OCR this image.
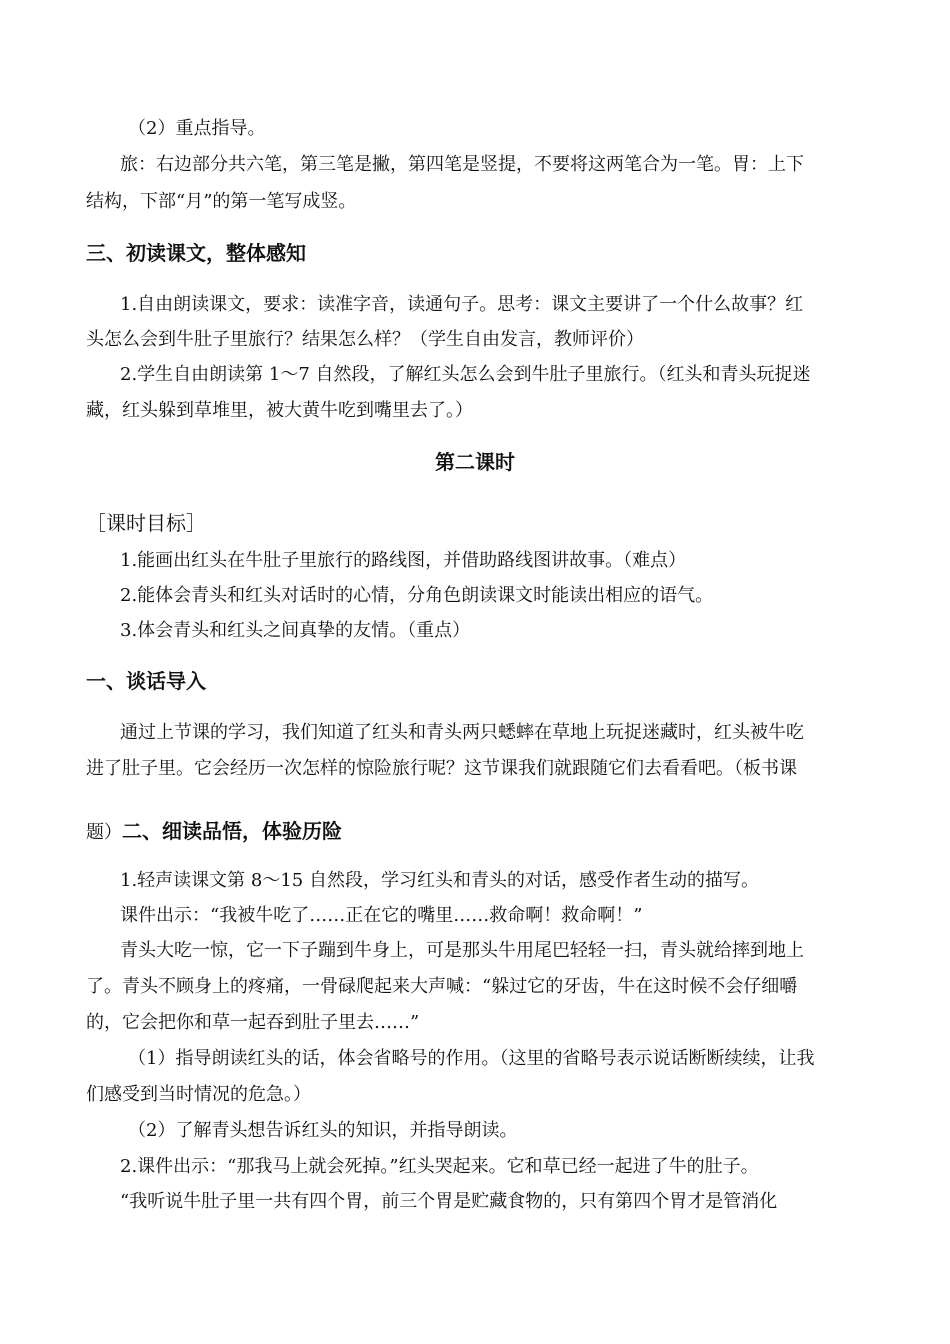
（2）重点指导。
旅：右边部分共六笔，第三笔是撇，第四笔是竖提，不要将这两笔合为一笔。胃：上下
结构，下部“月”的第一笔写成竖。
三、初读课文，整体感知
1.自由朗读课文，要求：读准字音，读通句子。思考：课文主要讲了一个什么故事？红
头怎么会到牛肚子里旅行？结果怎么样？（学生自由发言，教师评价）
2.学生自由朗读第 1～7 自然段，了解红头怎么会到牛肚子里旅行。（红头和青头玩捉迷
藏，红头躲到草堆里，被大黄牛吃到嘴里去了。）
第二课时
［课时目标］
1.能画出红头在牛肚子里旅行的路线图，并借助路线图讲故事。（难点）
2.能体会青头和红头对话时的心情，分角色朗读课文时能读出相应的语气。
3.体会青头和红头之间真挚的友情。（重点）
一、谈话导入
通过上节课的学习，我们知道了红头和青头两只蟋蟀在草地上玩捉迷藏时，红头被牛吃
进了肚子里。它会经历一次怎样的惊险旅行呢？这节课我们就跟随它们去看看吧。（板书课
题）二、细读品悟，体验历险
1.轻声读课文第 8～15 自然段，学习红头和青头的对话，感受作者生动的描写。
课件出示：“我被牛吃了……正在它的嘴里……救命啊！救命啊！”
青头大吃一惊，它一下子蹦到牛身上，可是那头牛用尾巴轻轻一扫，青头就给摔到地上
了。青头不顾身上的疼痛，一骨碌爬起来大声喊：“躲过它的牙齿，牛在这时候不会仔细嚼
的，它会把你和草一起吞到肚子里去……”
（1）指导朗读红头的话，体会省略号的作用。（这里的省略号表示说话断断续续，让我
们感受到当时情况的危急。）
（2）了解青头想告诉红头的知识，并指导朗读。
2.课件出示：“那我马上就会死掉。”红头哭起来。它和草已经一起进了牛的肚子。
“我听说牛肚子里一共有四个胃，前三个胃是贮藏食物的，只有第四个胃才是管消化
